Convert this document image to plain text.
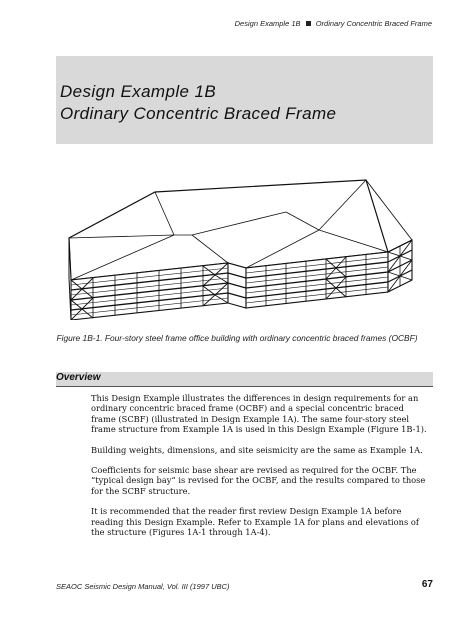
Design Example 1B Ordinary Concentric Braced Frame
Design Example 1B
Ordinary Concentric Braced Frame
Figure 1B-1. Four-story steel frame office building with ordinary concentric braced frames (OCBF)
Overview

This Design Example illustrates the differences in design requirements for an ordinary concentric braced frame (OCBF) and a special concentric braced frame (SCBF) (illustrated in Design Example 1A). The same four-story steel frame structure from Example 1A is used in this Design Example (Figure 1B-1).

Building weights, dimensions, and site seismicity are the same as Example 1A.

Coefficients for seismic base shear are revised as required for the OCBF. The “typical design bay” is revised for the OCBF, and the results compared to those for the SCBF structure.

It is recommended that the reader first review Design Example 1A before reading this Design Example. Refer to Example 1A for plans and elevations of the structure (Figures 1A-1 through 1A-4).

SEAOC Seismic Design Manual, Vol. III (1997 UBC)	67
